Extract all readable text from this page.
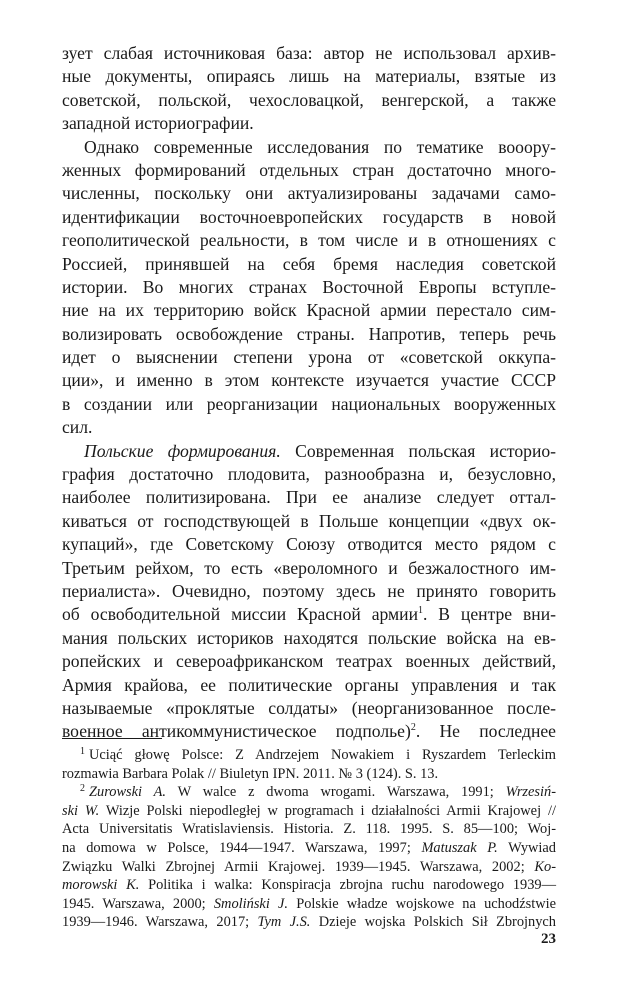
зует слабая источниковая база: автор не использовал архив-
ные документы, опираясь лишь на материалы, взятые из
советской, польской, чехословацкой, венгерской, а также
западной историографии.
Однако современные исследования по тематике вооору-
женных формирований отдельных стран достаточно много-
численны, поскольку они актуализированы задачами само-
идентификации восточноевропейских государств в новой
геополитической реальности, в том числе и в отношениях с
Россией, принявшей на себя бремя наследия советской
истории. Во многих странах Восточной Европы вступле-
ние на их территорию войск Красной армии перестало сим-
волизировать освобождение страны. Напротив, теперь речь
идет о выяснении степени урона от «советской оккупа-
ции», и именно в этом контексте изучается участие СССР
в создании или реорганизации национальных вооруженных
сил.
Польские формирования. Современная польская историо-
графия достаточно плодовита, разнообразна и, безусловно,
наиболее политизирована. При ее анализе следует оттал-
киваться от господствующей в Польше концепции «двух ок-
купаций», где Советскому Союзу отводится место рядом с
Третьим рейхом, то есть «вероломного и безжалостного им-
периалиста». Очевидно, поэтому здесь не принято говорить
об освободительной миссии Красной армии$^1$. В центре вни-
мания польских историков находятся польские войска на ев-
ропейских и североафриканском театрах военных действий,
Армия крайова, ее политические органы управления и так
называемые «проклятые солдаты» (неорганизованное после-
военное антикоммунистическое подполье)$^2$. Не последнее
$^1$ Uciąć głowę Polsce: Z Andrzejem Nowakiem i Ryszardem Terleckim
rozmawia Barbara Polak // Biuletyn IPN. 2011. № 3 (124). S. 13.
$^2$ Zurowski A. W walce z dwoma wrogami. Warszawa, 1991; Wrzesiń-
ski W. Wizje Polski niepodległej w programach i działalności Armii Krajowej //
Acta Universitatis Wratislaviensis. Historia. Z. 118. 1995. S. 85—100; Woj-
na domowa w Polsce, 1944—1947. Warszawa, 1997; Matuszak P. Wywiad
Związku Walki Zbrojnej Armii Krajowej. 1939—1945. Warszawa, 2002; Ko-
morowski K. Politika i walka: Konspiracja zbrojna ruchu narodowego 1939—
1945. Warszawa, 2000; Smoliński J. Polskie władze wojskowe na uchodźstwie
1939—1946. Warszawa, 2017; Tym J.S. Dzieje wojska Polskich Sił Zbrojnych
23
